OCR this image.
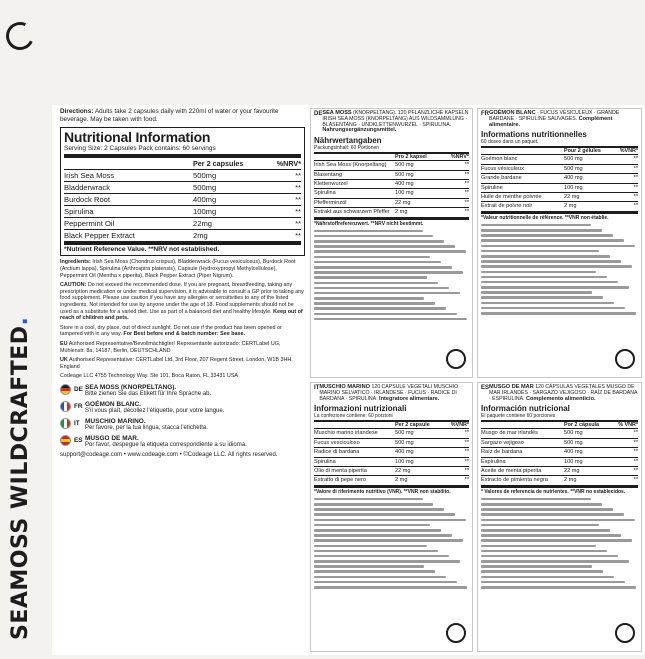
SEAMOSS WILDCRAFTED.
Directions: Adults take 2 capsules daily with 220ml of water or your favourite beverage. May be taken with food.
Nutritional Information
Serving Size: 2 Capsules Pack contains: 60 servings
Per 2 capsules	%NRV*
Irish Sea Moss	500mg	**
Bladderwrack	500mg	**
Burdock Root	400mg	**
Spirulina	100mg	**
Peppermint Oil	22mg	**
Black Pepper Extract	2mg	**
*Nutrient Reference Value. **NRV not established.
Ingredients: Irish Sea Moss (Chondrus crispus), Bladderwrack (Fucus vesiculosus), Burdock Root (Arctium lappa), Spirulina (Arthrospira platensis), Capsule (Hydroxypropyl Methylcellulose), Peppermint Oil (Mentha x piperita), Black Pepper Extract (Piper Nigrum).
CAUTION: Do not exceed the recommended dose. If you are pregnant, breastfeeding, taking any prescription medication or under medical supervision, it is advisable to consult a GP prior to taking any food supplement. Please use caution if you have any allergies or sensitivities to any of the listed ingredients. Not intended for use by anyone under the age of 18. Food supplements should not be used as a substitute for a varied diet. Use as part of a balanced diet and healthy lifestyle. Keep out of reach of children and pets.
Store in a cool, dry place, out of direct sunlight. Do not use if the product has been opened or tampered with in any way. For Best before end & batch number: See base.
EU Authorised Representative/Bevollmächtigter/ Representante autorizado: CERTLabel UG, Mühlenstr. 8a, 14187, Berlin, DEUTSCHLAND
UK Authorised Representative: CERTLabel Ltd, 3rd Floor, 207 Regent Street, London, W1B 3HH, England
Codeage LLC 4755 Technology Way. Ste 101, Boca Raton, FL 33431 USA
DE SEA MOSS (KNORPELTANG).
Bitte ziehen Sie das Etikett für Ihre Sprache ab.
FR GOÉMON BLANC.
S'il vous plaît, décollez l'étiquette, pour votre langue.
IT MUSCHIO MARINO.
Per favore, per la tua lingua, stacca l'etichetta.
ES MUSGO DE MAR.
Por favor, despegue la etiqueta correspondiente a su idioma.
support@codeage.com • www.codeage.com • ©Codeage LLC. All rights reserved.
DE SEA MOSS (KNORPELTANG). 120 PFLANZLICHE KAPSELN IRISH SEA MOSS (KNORPELTANG) AUS WILDSAMMLUNG · BLASENTANG · UNDKLETTENWURZEL · SPIRULINA. Nahrungsergänzungsmittel.
Nährwertangaben
Packungsinhalt: 60 Portionen
Pro 2 kapsel	%NRV*
Irish Sea Moss (Knorpeltang)	500 mg	**
Blasentang	500 mg	**
Klettenwurzel	400 mg	**
Spirulina	100 mg	**
Pfefferminzöl	22 mg	**
Extrakt aus schwarzem Pfeffer 2 mg	**
*Nährstoffreferenzwert. **NRV nicht bestimmt.
FR GOÉMON BLANC · FUCUS VÉSICULEUX · GRANDE BARDANE · SPIRULINE SAUVAGES. Complément alimentaire.
Informations nutritionnelles
60 doses dans un paquet.
Pour 2 gélules	%VNR*
Goémon blanc	500 mg	**
Fucus vésiculeux	500 mg	**
Grande bardane	400 mg	**
Spiruline	100 mg	**
Huile de menthe poivrée	22 mg	**
Extrait de poivre noir	2 mg	**
*Valeur nutritionnelle de référence. **VNR non établie.
IT MUSCHIO MARINO 120 CAPSULE VEGETALI MUSCHIO MARINO SELVATICO · IRLANDESE · FUCUS · RADICE DI BARDANA · SPIRULINA. Integratore alimentare.
Informazioni nutrizionali
La confezione contiene: 60 porzioni
Per 2 capsule	%VNR*
Muschio marino irlandese	500 mg	**
Fucus vesciculoso	500 mg	**
Radice di bardana	400 mg	**
Spirulina	100 mg	**
Olio di menta piperita	22 mg	**
Estratto di pepe nero	2 mg	**
*Valore di riferimento nutritivo (VNR). **VNR non stabilito.
ES MUSGO DE MAR 120 CÁPSULAS VEGETALES MUSGO DE MAR IRLANDÉS · SARGAZO VEJIGOSO · RAÍZ DE BARDANA · ESPIRULINA. Complemento alimenticio.
Información nutricional
El paquete contiene 60 porciones
Por 2 cápsula	% VNR*
Musgo de mar irlandés	500 mg	**
Sargazo vejigoso	500 mg	**
Raíz de bardana	400 mg	**
Espirulina	100 mg	**
Aceite de menta piperita	22 mg	**
Extracto de pimienta negra	2 mg	**
* Valores de referencia de nutrientes. **VNR no establecidos.
